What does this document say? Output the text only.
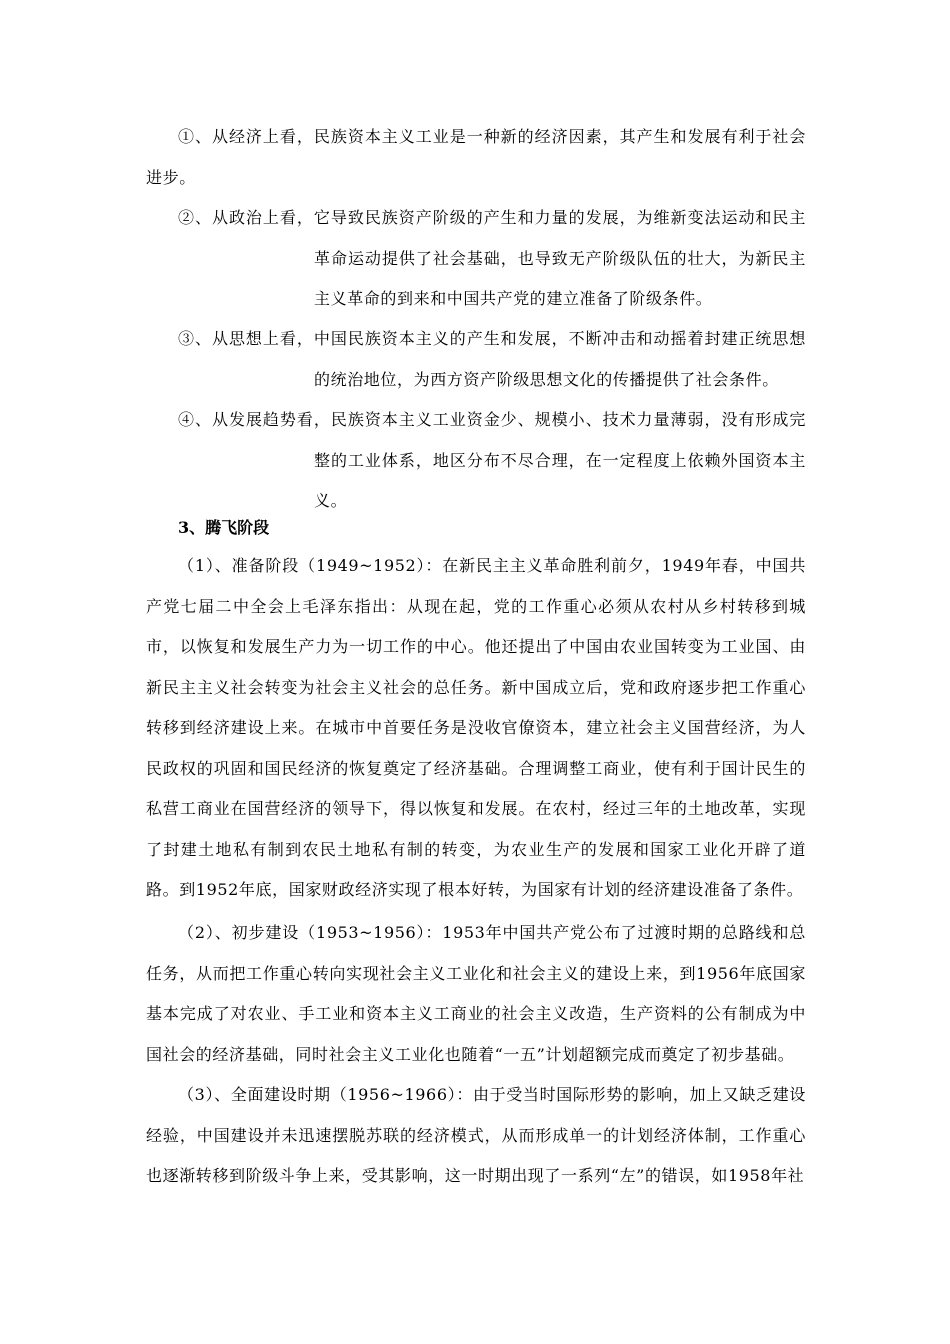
①、从经济上看，民族资本主义工业是一种新的经济因素，其产生和发展有利于社会进步。

②、从政治上看，它导致民族资产阶级的产生和力量的发展，为维新变法运动和民主革命运动提供了社会基础，也导致无产阶级队伍的壮大，为新民主主义革命的到来和中国共产党的建立准备了阶级条件。

③、从思想上看，中国民族资本主义的产生和发展，不断冲击和动摇着封建正统思想的统治地位，为西方资产阶级思想文化的传播提供了社会条件。

④、从发展趋势看，民族资本主义工业资金少、规模小、技术力量薄弱，没有形成完整的工业体系，地区分布不尽合理，在一定程度上依赖外国资本主义。

3、腾飞阶段

（1）、准备阶段（1949~1952）：在新民主主义革命胜利前夕，1949年春，中国共产党七届二中全会上毛泽东指出：从现在起，党的工作重心必须从农村从乡村转移到城市，以恢复和发展生产力为一切工作的中心。他还提出了中国由农业国转变为工业国、由新民主主义社会转变为社会主义社会的总任务。新中国成立后，党和政府逐步把工作重心转移到经济建设上来。在城市中首要任务是没收官僚资本，建立社会主义国营经济，为人民政权的巩固和国民经济的恢复奠定了经济基础。合理调整工商业，使有利于国计民生的私营工商业在国营经济的领导下，得以恢复和发展。在农村，经过三年的土地改革，实现了封建土地私有制到农民土地私有制的转变，为农业生产的发展和国家工业化开辟了道路。到1952年底，国家财政经济实现了根本好转，为国家有计划的经济建设准备了条件。

（2）、初步建设（1953~1956）：1953年中国共产党公布了过渡时期的总路线和总任务，从而把工作重心转向实现社会主义工业化和社会主义的建设上来，到1956年底国家基本完成了对农业、手工业和资本主义工商业的社会主义改造，生产资料的公有制成为中国社会的经济基础，同时社会主义工业化也随着“一五”计划超额完成而奠定了初步基础。

（3）、全面建设时期（1956~1966）：由于受当时国际形势的影响，加上又缺乏建设经验，中国建设并未迅速摆脱苏联的经济模式，从而形成单一的计划经济体制，工作重心也逐渐转移到阶级斗争上来，受其影响，这一时期出现了一系列“左”的错误，如1958年社
